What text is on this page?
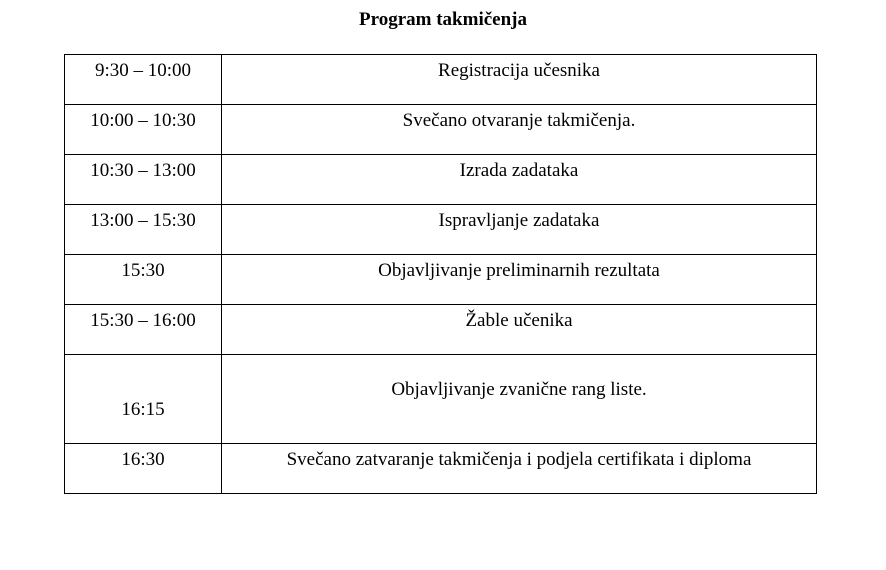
Program takmičenja
9:30 – 10:00	Registracija učesnika

10:00 – 10:30	Svečano otvaranje takmičenja.

10:30 – 13:00	Izrada zadataka

13:00 – 15:30	Ispravljanje zadataka

15:30	Objavljivanje preliminarnih rezultata

15:30 – 16:00	Žable učenika

16:15	Objavljivanje zvanične rang liste.

16:30	Svečano zatvaranje takmičenja i podjela certifikata i diploma
